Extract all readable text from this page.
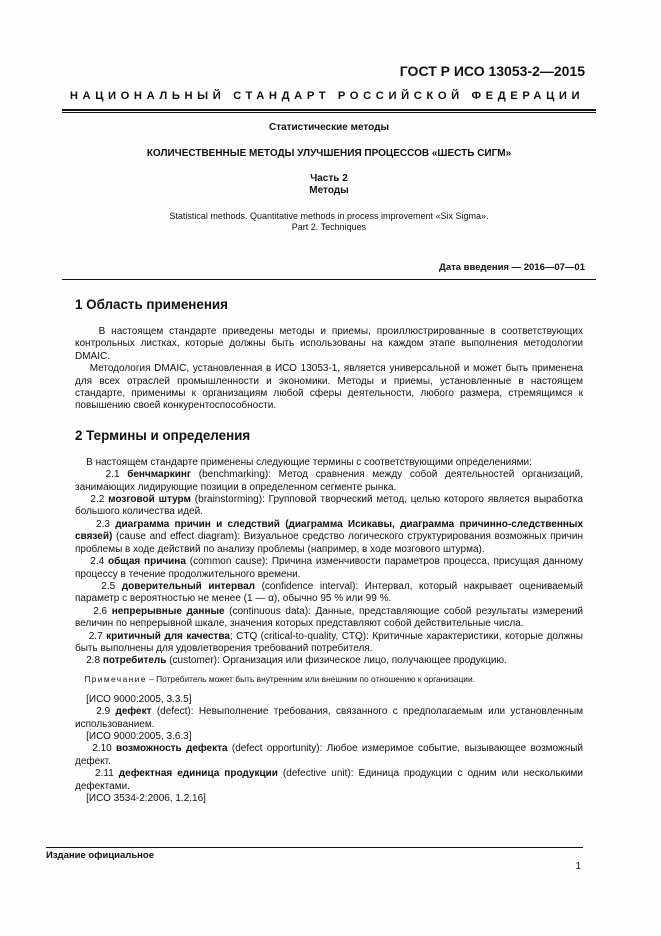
ГОСТ Р ИСО 13053-2—2015
НАЦИОНАЛЬНЫЙ СТАНДАРТ РОССИЙСКОЙ ФЕДЕРАЦИИ
Статистические методы
КОЛИЧЕСТВЕННЫЕ МЕТОДЫ УЛУЧШЕНИЯ ПРОЦЕССОВ «ШЕСТЬ СИГМ»
Часть 2
Методы
Statistical methods. Quantitative methods in process improvement «Six Sigma».
Part 2. Techniques
Дата введения — 2016—07—01
1 Область применения

В настоящем стандарте приведены методы и приемы, проиллюстрированные в соответствующих контрольных листках, которые должны быть использованы на каждом этапе выполнения методологии DMAIC.

Методология DMAIC, установленная в ИСО 13053-1, является универсальной и может быть применена для всех отраслей промышленности и экономики. Методы и приемы, установленные в настоящем стандарте, применимы к организациям любой сферы деятельности, любого размера, стремящимся к повышению своей конкурентоспособности.

2 Термины и определения

В настоящем стандарте применены следующие термины с соответствующими определениями:

2.1 бенчмаркинг (benchmarking): Метод сравнения между собой деятельностей организаций, занимающих лидирующие позиции в определенном сегменте рынка.

2.2 мозговой штурм (brainstorming): Групповой творческий метод, целью которого является выработка большого количества идей.

2.3 диаграмма причин и следствий (диаграмма Исикавы, диаграмма причинно-следственных связей) (cause and effect diagram): Визуальное средство логического структурирования возможных причин проблемы в ходе действий по анализу проблемы (например, в ходе мозгового штурма).

2.4 общая причина (common cause): Причина изменчивости параметров процесса, присущая данному процессу в течение продолжительного времени.

2.5 доверительный интервал (confidence interval): Интервал, который накрывает оцениваемый параметр с вероятностью не менее (1 — α), обычно 95 % или 99 %.

2.6 непрерывные данные (continuous data): Данные, представляющие собой результаты измерений величин по непрерывной шкале, значения которых представляют собой действительные числа.

2.7 критичный для качества; CTQ (critical-to-quality, CTQ): Критичные характеристики, которые должны быть выполнены для удовлетворения требований потребителя.

2.8 потребитель (customer): Организация или физическое лицо, получающее продукцию.

Примечание – Потребитель может быть внутренним или внешним по отношению к организации.

[ИСО 9000:2005, 3.3.5]

2.9 дефект (defect): Невыполнение требования, связанного с предполагаемым или установленным использованием.

[ИСО 9000:2005, 3.6.3]

2.10 возможность дефекта (defect opportunity): Любое измеримое событие, вызывающее возможный дефект.

2.11 дефектная единица продукции (defective unit): Единица продукции с одним или несколькими дефектами.

[ИСО 3534-2:2006, 1.2.16]

Издание официальное
1
